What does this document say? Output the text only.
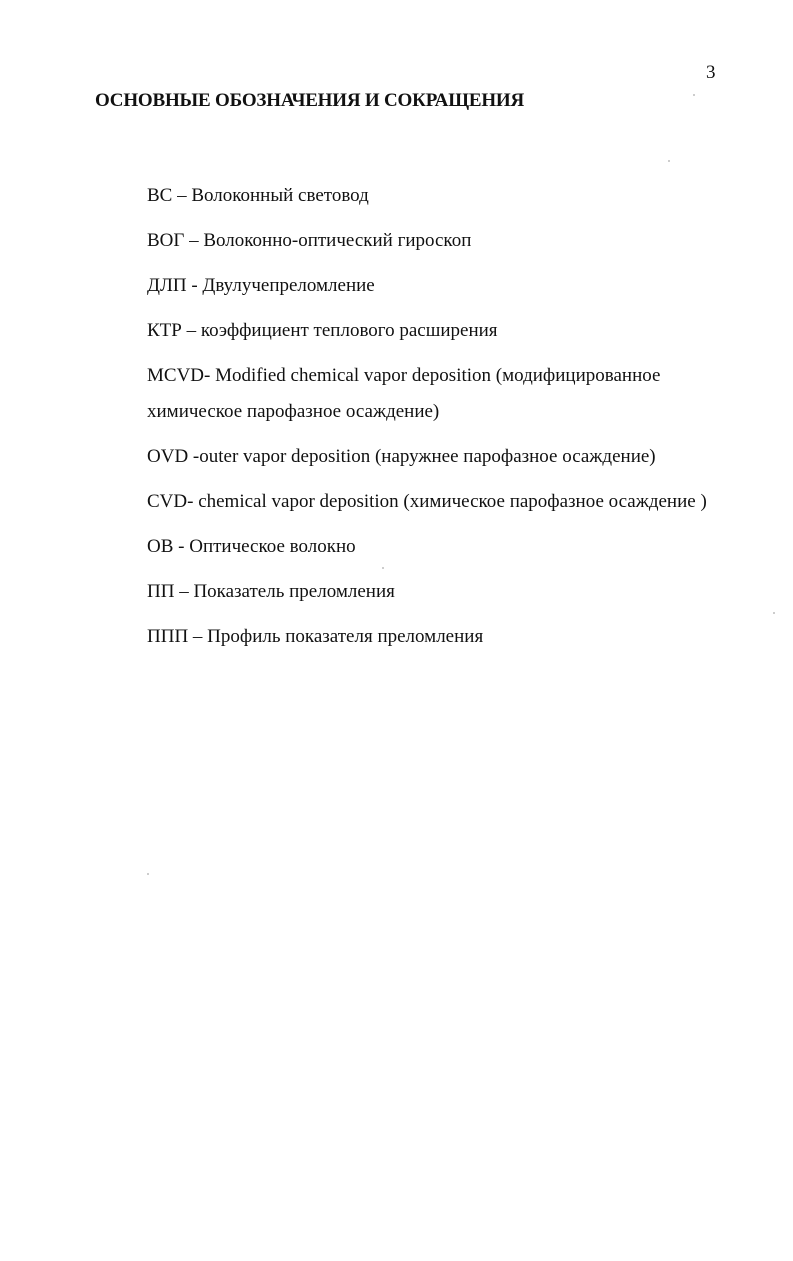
3
ОСНОВНЫЕ ОБОЗНАЧЕНИЯ И СОКРАЩЕНИЯ
ВС – Волоконный световод
ВОГ – Волоконно-оптический гироскоп
ДЛП - Двулучепреломление
КТР – коэффициент теплового расширения
MCVD- Modified chemical vapor deposition (модифицированное химическое парофазное осаждение)
OVD -outer vapor deposition (наружнее парофазное осаждение)
CVD- chemical vapor deposition (химическое парофазное осаждение )
ОВ - Оптическое волокно
ПП – Показатель преломления
ППП – Профиль показателя преломления
